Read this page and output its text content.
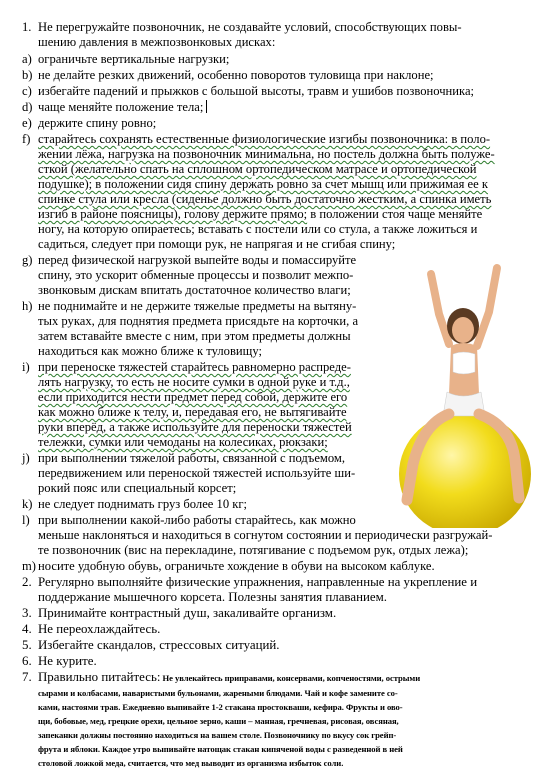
1. Не перегружайте позвоночник, не создавайте условий, способствующих повы-
шению давления в межпозвонковых дисках:
a) ограничьте вертикальные нагрузки;
b) не делайте резких движений, особенно поворотов туловища при наклоне;
c) избегайте падений и прыжков с большой высоты, травм и ушибов позвоночника;
d) чаще меняйте положение тела;
e) держите спину ровно;
f) старайтесь сохранять естественные физиологические изгибы позвоночника: в поло-
жении лёжа, нагрузка на позвоночник минимальна, но постель должна быть полуже-
сткой (желательно спать на сплошном ортопедическом матрасе и ортопедической
подушке); в положении сидя спину держать ровно за счет мышц или прижимая ее к
спинке стула или кресла (сиденье должно быть достаточно жестким, а спинка иметь
изгиб в районе поясницы), голову держите прямо; в положении стоя чаще меняйте
ногу, на которую опираетесь; вставать с постели или со стула, а также ложиться и
садиться, следует при помощи рук, не напрягая и не сгибая спину;
g) перед физической нагрузкой выпейте воды и помассируйте
спину, это ускорит обменные процессы и позволит межпо-
звонковым дискам впитать достаточное количество влаги;
h) не поднимайте и не держите тяжелые предметы на вытяну-
тых руках, для поднятия предмета присядьте на корточки, а
затем вставайте вместе с ним, при этом предметы должны
находиться как можно ближе к туловищу;
i) при переноске тяжестей старайтесь равномерно распреде-
лять нагрузку, то есть не носите сумки в одной руке и т.д.,
если приходится нести предмет перед собой, держите его
как можно ближе к телу, и, передавая его, не вытягивайте
руки вперёд, а также используйте для переноски тяжестей
тележки, сумки или чемоданы на колесиках, рюкзаки;
j) при выполнении тяжелой работы, связанной с подъемом,
передвижением или переноской тяжестей используйте ши-
рокий пояс или специальный корсет;
k) не следует поднимать груз более 10 кг;
l) при выполнении какой-либо работы старайтесь, как можно
меньше наклоняться и находиться в согнутом состоянии и периодически разгружай-
те позвоночник (вис на перекладине, потягивание с подъемом рук, отдых лежа);
m) носите удобную обувь, ограничьте хождение в обуви на высоком каблуке.
2. Регулярно выполняйте физические упражнения, направленные на укрепление и
поддержание мышечного корсета. Полезны занятия плаванием.
3. Принимайте контрастный душ, закаливайте организм.
4. Не переохлаждайтесь.
5. Избегайте скандалов, стрессовых ситуаций.
6. Не курите.
7. Правильно питайтесь: Не увлекайтесь приправами, консервами, копченостями, острыми
сырами и колбасами, наваристыми бульонами, жареными блюдами. Чай и кофе замените со-
ками, настоями трав. Ежедневно выпивайте 1-2 стакана простокваши, кефира. Фрукты и ово-
щи, бобовые, мед, грецкие орехи, цельное зерно, каши – манная, гречневая, рисовая, овсяная,
запеканки должны постоянно находиться на вашем столе. Позвоночнику по вкусу сок грейп-
фрута и яблоки. Каждое утро выпивайте натощак стакан кипяченой воды с разведенной в ней
столовой ложкой меда, считается, что мед выводит из организма избыток соли.
